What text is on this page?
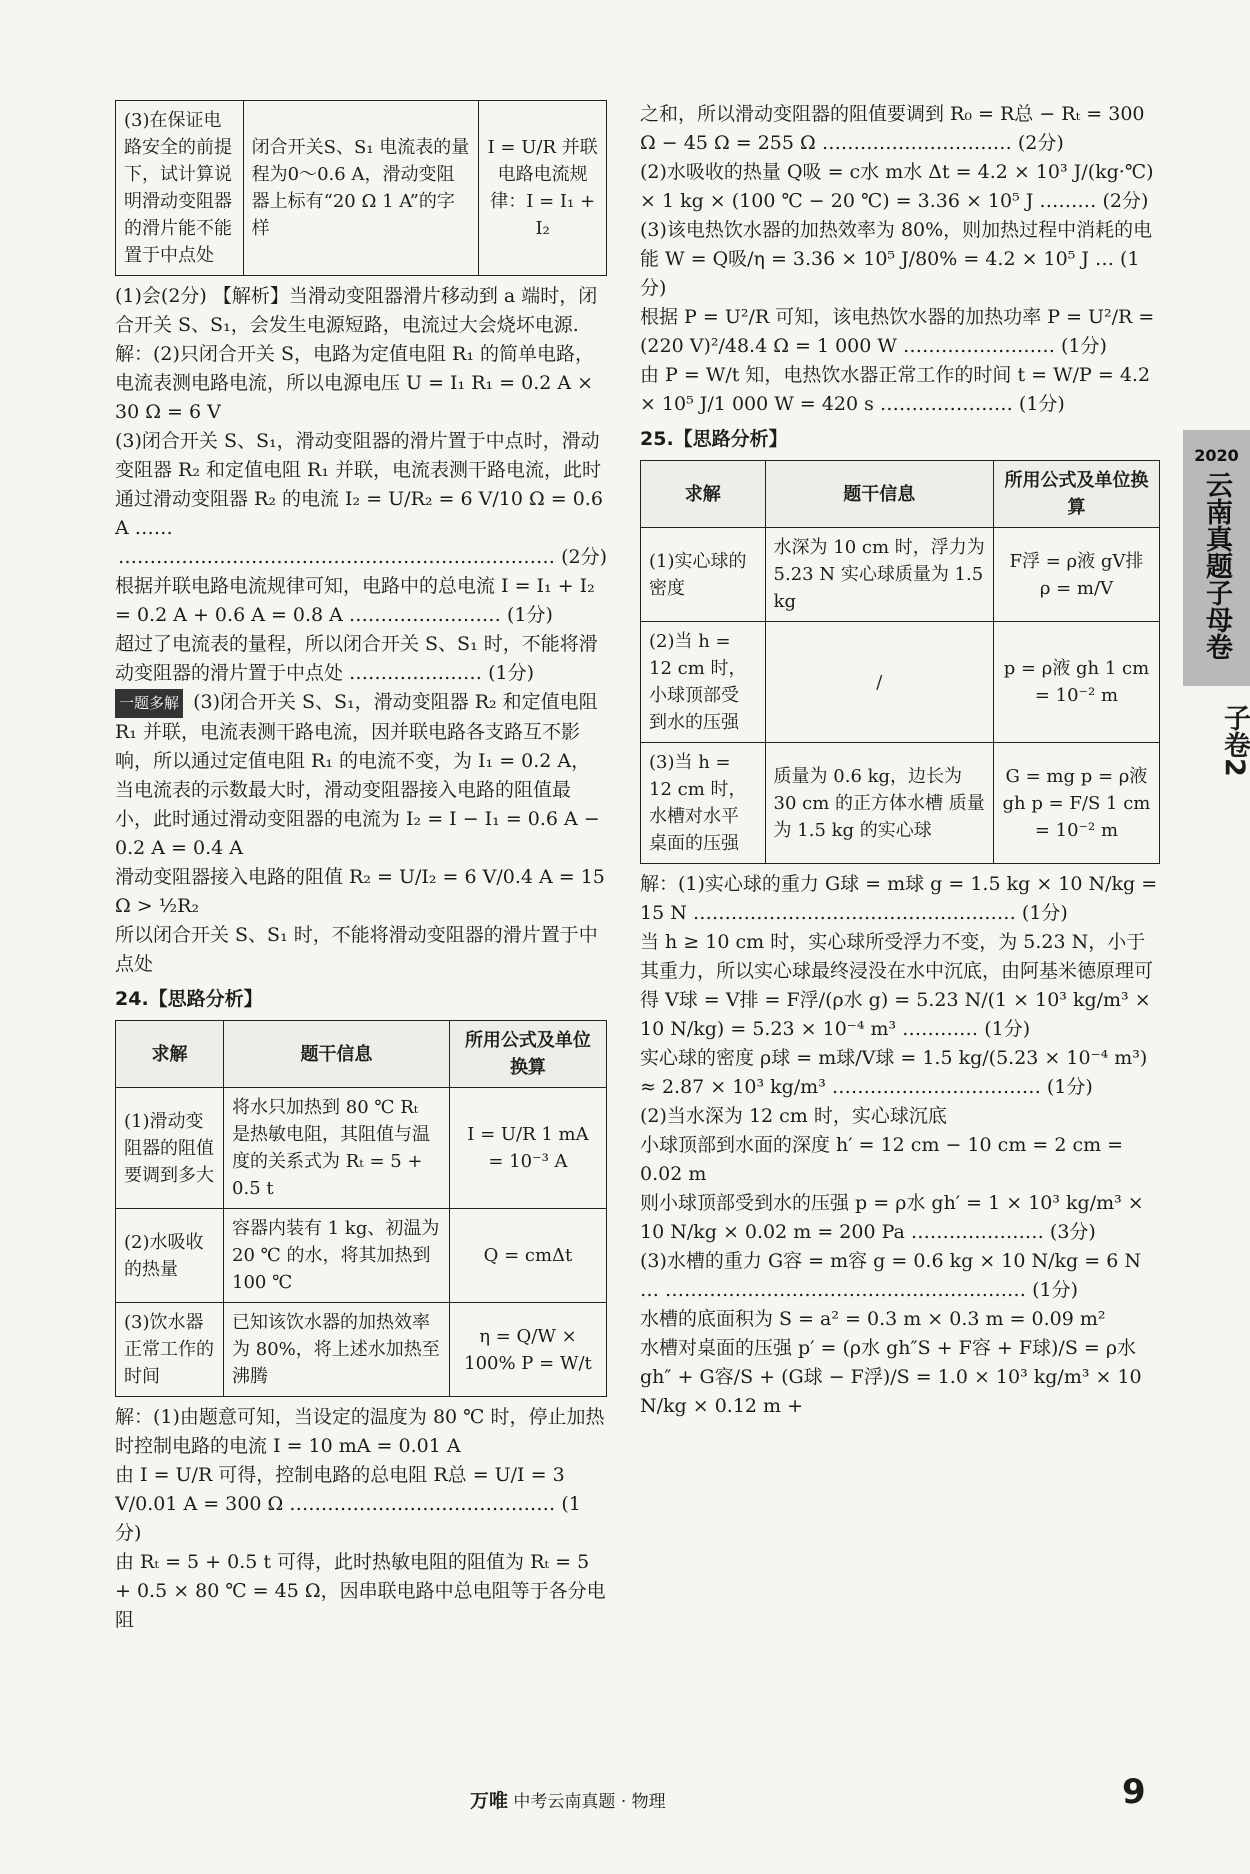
(3)在保证电路安全的前提下，试计算说明滑动变阻器的滑片能不能置于中点处	闭合开关S、S₁ 电流表的量程为0～0.6 A，滑动变阻器上标有“20 Ω 1 A”的字样	I = U/R 并联电路电流规律：I = I₁ + I₂

(1)会(2分) 【解析】当滑动变阻器滑片移动到 a 端时，闭合开关 S、S₁，会发生电源短路，电流过大会烧坏电源.

解：(2)只闭合开关 S，电路为定值电阻 R₁ 的简单电路，电流表测电路电流，所以电源电压 U = I₁ R₁ = 0.2 A × 30 Ω = 6 V

(3)闭合开关 S、S₁，滑动变阻器的滑片置于中点时，滑动变阻器 R₂ 和定值电阻 R₁ 并联，电流表测干路电流，此时通过滑动变阻器 R₂ 的电流 I₂ = U/R₂ = 6 V/10 Ω = 0.6 A ……

…………………………………………………………… (2分)

根据并联电路电流规律可知，电路中的总电流 I = I₁ + I₂ = 0.2 A + 0.6 A = 0.8 A …………………… (1分)

超过了电流表的量程，所以闭合开关 S、S₁ 时，不能将滑动变阻器的滑片置于中点处 ………………… (1分)

一题多解 (3)闭合开关 S、S₁，滑动变阻器 R₂ 和定值电阻 R₁ 并联，电流表测干路电流，因并联电路各支路互不影响，所以通过定值电阻 R₁ 的电流不变，为 I₁ = 0.2 A，当电流表的示数最大时，滑动变阻器接入电路的阻值最小，此时通过滑动变阻器的电流为 I₂ = I − I₁ = 0.6 A − 0.2 A = 0.4 A

滑动变阻器接入电路的阻值 R₂ = U/I₂ = 6 V/0.4 A = 15 Ω > ½R₂

所以闭合开关 S、S₁ 时，不能将滑动变阻器的滑片置于中点处

24.【思路分析】

求解	题干信息	所用公式及单位换算
(1)滑动变阻器的阻值要调到多大	将水只加热到 80 ℃ Rₜ 是热敏电阻，其阻值与温度的关系式为 Rₜ = 5 + 0.5 t	I = U/R 1 mA = 10⁻³ A
(2)水吸收的热量	容器内装有 1 kg、初温为 20 ℃ 的水，将其加热到 100 ℃	Q = cmΔt
(3)饮水器正常工作的时间	已知该饮水器的加热效率为 80%，将上述水加热至沸腾	η = Q/W × 100% P = W/t

解：(1)由题意可知，当设定的温度为 80 ℃ 时，停止加热时控制电路的电流 I = 10 mA = 0.01 A

由 I = U/R 可得，控制电路的总电阻 R总 = U/I = 3 V/0.01 A = 300 Ω …………………………………… (1分)

由 Rₜ = 5 + 0.5 t 可得，此时热敏电阻的阻值为 Rₜ = 5 + 0.5 × 80 ℃ = 45 Ω，因串联电路中总电阻等于各分电阻

之和，所以滑动变阻器的阻值要调到 R₀ = R总 − Rₜ = 300 Ω − 45 Ω = 255 Ω ………………………… (2分)

(2)水吸收的热量 Q吸 = c水 m水 Δt = 4.2 × 10³ J/(kg·℃) × 1 kg × (100 ℃ − 20 ℃) = 3.36 × 10⁵ J ……… (2分)

(3)该电热饮水器的加热效率为 80%，则加热过程中消耗的电能 W = Q吸/η = 3.36 × 10⁵ J/80% = 4.2 × 10⁵ J … (1分)

根据 P = U²/R 可知，该电热饮水器的加热功率 P = U²/R = (220 V)²/48.4 Ω = 1 000 W …………………… (1分)

由 P = W/t 知，电热饮水器正常工作的时间 t = W/P = 4.2 × 10⁵ J/1 000 W = 420 s ………………… (1分)

25.【思路分析】

求解	题干信息	所用公式及单位换算
(1)实心球的密度	水深为 10 cm 时，浮力为 5.23 N 实心球质量为 1.5 kg	F浮 = ρ液 gV排 ρ = m/V
(2)当 h = 12 cm 时，小球顶部受到水的压强	/	p = ρ液 gh 1 cm = 10⁻² m
(3)当 h = 12 cm 时，水槽对水平桌面的压强	质量为 0.6 kg，边长为 30 cm 的正方体水槽 质量为 1.5 kg 的实心球	G = mg p = ρ液 gh p = F/S 1 cm = 10⁻² m

解：(1)实心球的重力 G球 = m球 g = 1.5 kg × 10 N/kg = 15 N …………………………………………… (1分)

当 h ≥ 10 cm 时，实心球所受浮力不变，为 5.23 N，小于其重力，所以实心球最终浸没在水中沉底，由阿基米德原理可得 V球 = V排 = F浮/(ρ水 g) = 5.23 N/(1 × 10³ kg/m³ × 10 N/kg) = 5.23 × 10⁻⁴ m³ ………… (1分)

实心球的密度 ρ球 = m球/V球 = 1.5 kg/(5.23 × 10⁻⁴ m³) ≈ 2.87 × 10³ kg/m³ …………………………… (1分)

(2)当水深为 12 cm 时，实心球沉底

小球顶部到水面的深度 h′ = 12 cm − 10 cm = 2 cm = 0.02 m

则小球顶部受到水的压强 p = ρ水 gh′ = 1 × 10³ kg/m³ × 10 N/kg × 0.02 m = 200 Pa ………………… (3分)

(3)水槽的重力 G容 = m容 g = 0.6 kg × 10 N/kg = 6 N … ………………………………………………… (1分)

水槽的底面积为 S = a² = 0.3 m × 0.3 m = 0.09 m²

水槽对桌面的压强 p′ = (ρ水 gh″S + F容 + F球)/S = ρ水 gh″ + G容/S + (G球 − F浮)/S = 1.0 × 10³ kg/m³ × 10 N/kg × 0.12 m +

2020
云南真题子母卷
子卷2
万唯 中考云南真题 · 物理	9
